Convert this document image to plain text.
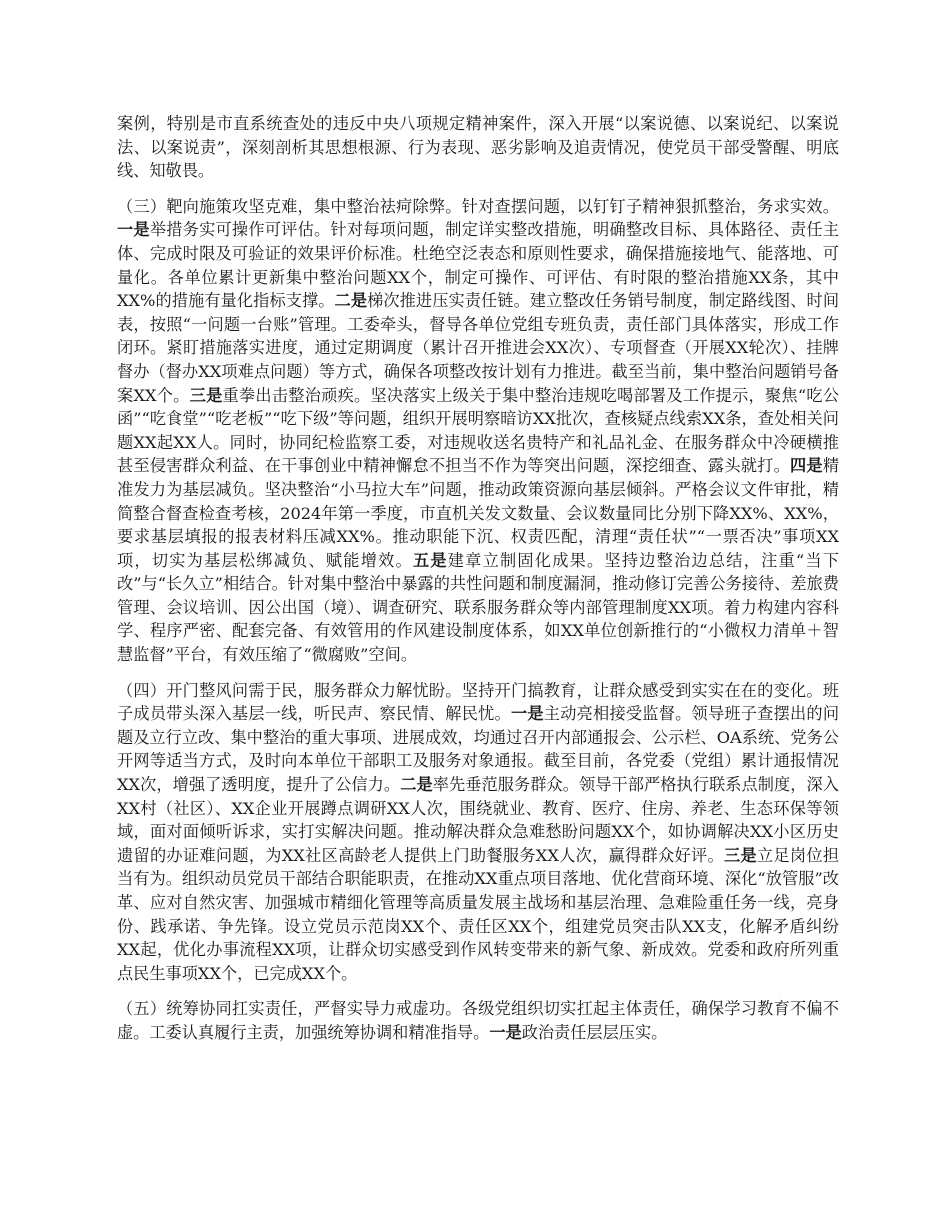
案例，特别是市直系统查处的违反中央八项规定精神案件，深入开展“以案说德、以案说纪、以案说法、以案说责”，深刻剖析其思想根源、行为表现、恶劣影响及追责情况，使党员干部受警醒、明底线、知敬畏。

（三）靶向施策攻坚克难，集中整治祛疴除弊。针对查摆问题，以钉钉子精神狠抓整治，务求实效。一是举措务实可操作可评估。针对每项问题，制定详实整改措施，明确整改目标、具体路径、责任主体、完成时限及可验证的效果评价标准。杜绝空泛表态和原则性要求，确保措施接地气、能落地、可量化。各单位累计更新集中整治问题XX个，制定可操作、可评估、有时限的整治措施XX条，其中XX%的措施有量化指标支撑。二是梯次推进压实责任链。建立整改任务销号制度，制定路线图、时间表，按照“一问题一台账”管理。工委牵头，督导各单位党组专班负责，责任部门具体落实，形成工作闭环。紧盯措施落实进度，通过定期调度（累计召开推进会XX次）、专项督查（开展XX轮次）、挂牌督办（督办XX项难点问题）等方式，确保各项整改按计划有力推进。截至当前，集中整治问题销号备案XX个。三是重拳出击整治顽疾。坚决落实上级关于集中整治违规吃喝部署及工作提示，聚焦“吃公函”“吃食堂”“吃老板”“吃下级”等问题，组织开展明察暗访XX批次，查核疑点线索XX条，查处相关问题XX起XX人。同时，协同纪检监察工委，对违规收送名贵特产和礼品礼金、在服务群众中冷硬横推甚至侵害群众利益、在干事创业中精神懈怠不担当不作为等突出问题，深挖细查、露头就打。四是精准发力为基层减负。坚决整治“小马拉大车”问题，推动政策资源向基层倾斜。严格会议文件审批，精简整合督查检查考核，2024年第一季度，市直机关发文数量、会议数量同比分别下降XX%、XX%，要求基层填报的报表材料压减XX%。推动职能下沉、权责匹配，清理“责任状”“一票否决”事项XX项，切实为基层松绑减负、赋能增效。五是建章立制固化成果。坚持边整治边总结，注重“当下改”与“长久立”相结合。针对集中整治中暴露的共性问题和制度漏洞，推动修订完善公务接待、差旅费管理、会议培训、因公出国（境）、调查研究、联系服务群众等内部管理制度XX项。着力构建内容科学、程序严密、配套完备、有效管用的作风建设制度体系，如XX单位创新推行的“小微权力清单＋智慧监督”平台，有效压缩了“微腐败”空间。

（四）开门整风问需于民，服务群众力解忧盼。坚持开门搞教育，让群众感受到实实在在的变化。班子成员带头深入基层一线，听民声、察民情、解民忧。一是主动亮相接受监督。领导班子查摆出的问题及立行立改、集中整治的重大事项、进展成效，均通过召开内部通报会、公示栏、OA系统、党务公开网等适当方式，及时向本单位干部职工及服务对象通报。截至目前，各党委（党组）累计通报情况XX次，增强了透明度，提升了公信力。二是率先垂范服务群众。领导干部严格执行联系点制度，深入XX村（社区）、XX企业开展蹲点调研XX人次，围绕就业、教育、医疗、住房、养老、生态环保等领域，面对面倾听诉求，实打实解决问题。推动解决群众急难愁盼问题XX个，如协调解决XX小区历史遗留的办证难问题，为XX社区高龄老人提供上门助餐服务XX人次，赢得群众好评。三是立足岗位担当有为。组织动员党员干部结合职能职责，在推动XX重点项目落地、优化营商环境、深化“放管服”改革、应对自然灾害、加强城市精细化管理等高质量发展主战场和基层治理、急难险重任务一线，亮身份、践承诺、争先锋。设立党员示范岗XX个、责任区XX个，组建党员突击队XX支，化解矛盾纠纷XX起，优化办事流程XX项，让群众切实感受到作风转变带来的新气象、新成效。党委和政府所列重点民生事项XX个，已完成XX个。

（五）统筹协同扛实责任，严督实导力戒虚功。各级党组织切实扛起主体责任，确保学习教育不偏不虚。工委认真履行主责，加强统筹协调和精准指导。一是政治责任层层压实。
